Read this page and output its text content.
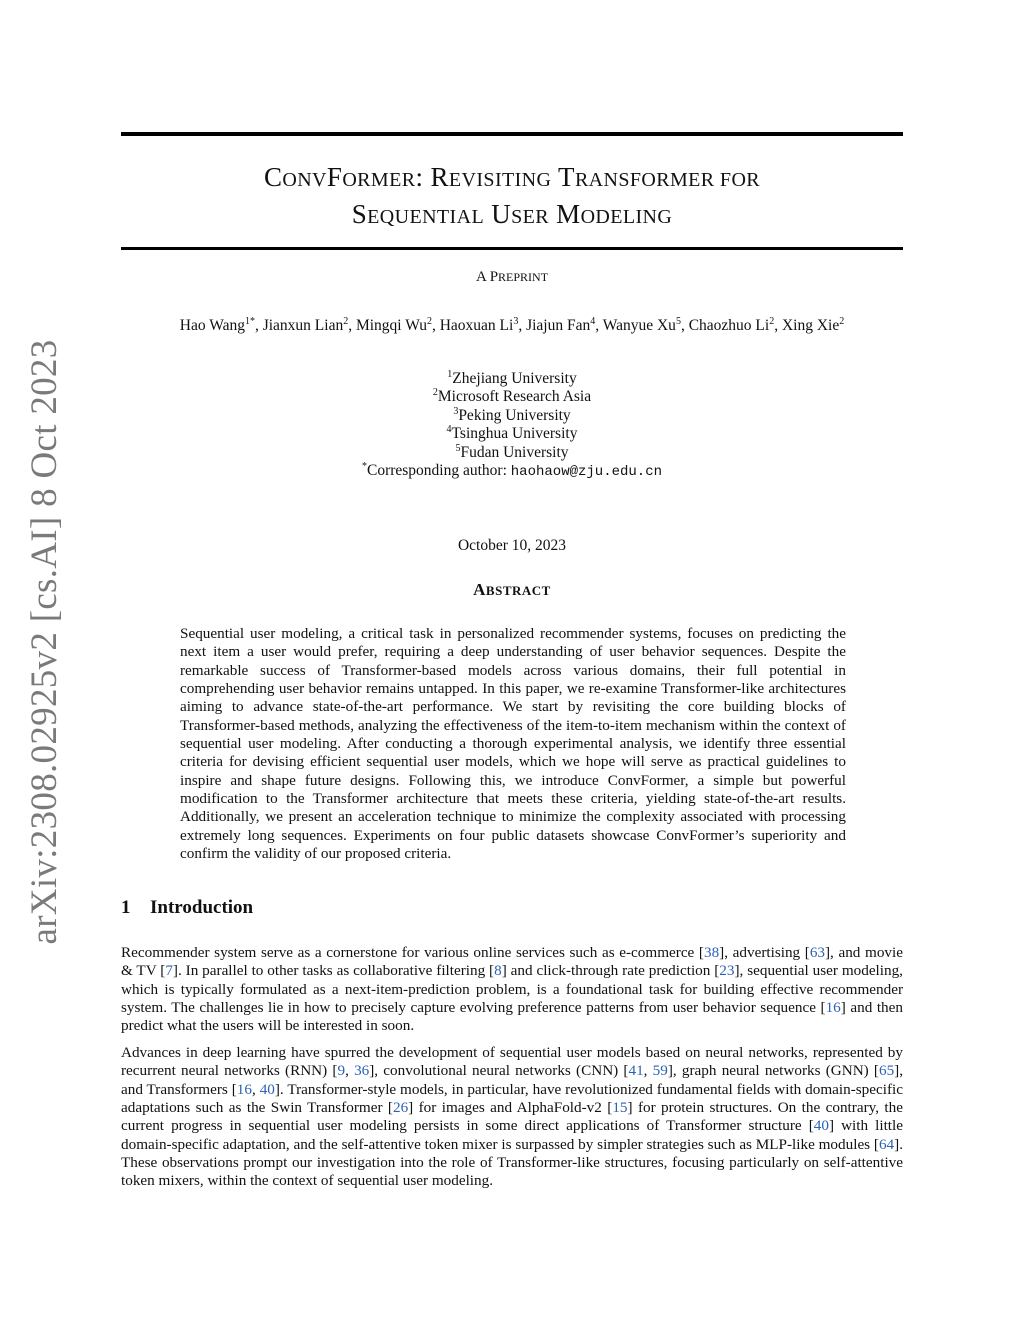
arXiv:2308.02925v2 [cs.AI] 8 Oct 2023
CONVFORMER: REVISITING TRANSFORMER FOR
SEQUENTIAL USER MODELING
A PREPRINT
Hao Wang$^{1*}$, Jianxun Lian$^2$, Mingqi Wu$^2$, Haoxuan Li$^3$, Jiajun Fan$^4$, Wanyue Xu$^5$, Chaozhuo Li$^2$, Xing Xie$^2$
$^1$Zhejiang University
$^2$Microsoft Research Asia
$^3$Peking University
$^4$Tsinghua University
$^5$Fudan University
*Corresponding author: haohaow@zju.edu.cn
October 10, 2023
ABSTRACT
Sequential user modeling, a critical task in personalized recommender systems, focuses on predicting the next item a user would prefer, requiring a deep understanding of user behavior sequences. Despite the remarkable success of Transformer-based models across various domains, their full potential in comprehending user behavior remains untapped. In this paper, we re-examine Transformer-like architectures aiming to advance state-of-the-art performance. We start by revisiting the core building blocks of Transformer-based methods, analyzing the effectiveness of the item-to-item mechanism within the context of sequential user modeling. After conducting a thorough experimental analysis, we identify three essential criteria for devising efficient sequential user models, which we hope will serve as practical guidelines to inspire and shape future designs. Following this, we introduce ConvFormer, a simple but powerful modification to the Transformer architecture that meets these criteria, yielding state-of-the-art results. Additionally, we present an acceleration technique to minimize the complexity associated with processing extremely long sequences. Experiments on four public datasets showcase ConvFormer’s superiority and confirm the validity of our proposed criteria.
1 Introduction
Recommender system serve as a cornerstone for various online services such as e-commerce [38], advertising [63], and movie & TV [7]. In parallel to other tasks as collaborative filtering [8] and click-through rate prediction [23], sequential user modeling, which is typically formulated as a next-item-prediction problem, is a foundational task for building effective recommender system. The challenges lie in how to precisely capture evolving preference patterns from user behavior sequence [16] and then predict what the users will be interested in soon.
Advances in deep learning have spurred the development of sequential user models based on neural networks, represented by recurrent neural networks (RNN) [9, 36], convolutional neural networks (CNN) [41, 59], graph neural networks (GNN) [65], and Transformers [16, 40]. Transformer-style models, in particular, have revolutionized fundamental fields with domain-specific adaptations such as the Swin Transformer [26] for images and AlphaFold-v2 [15] for protein structures. On the contrary, the current progress in sequential user modeling persists in some direct applications of Transformer structure [40] with little domain-specific adaptation, and the self-attentive token mixer is surpassed by simpler strategies such as MLP-like modules [64]. These observations prompt our investigation into the role of Transformer-like structures, focusing particularly on self-attentive token mixers, within the context of sequential user modeling.
